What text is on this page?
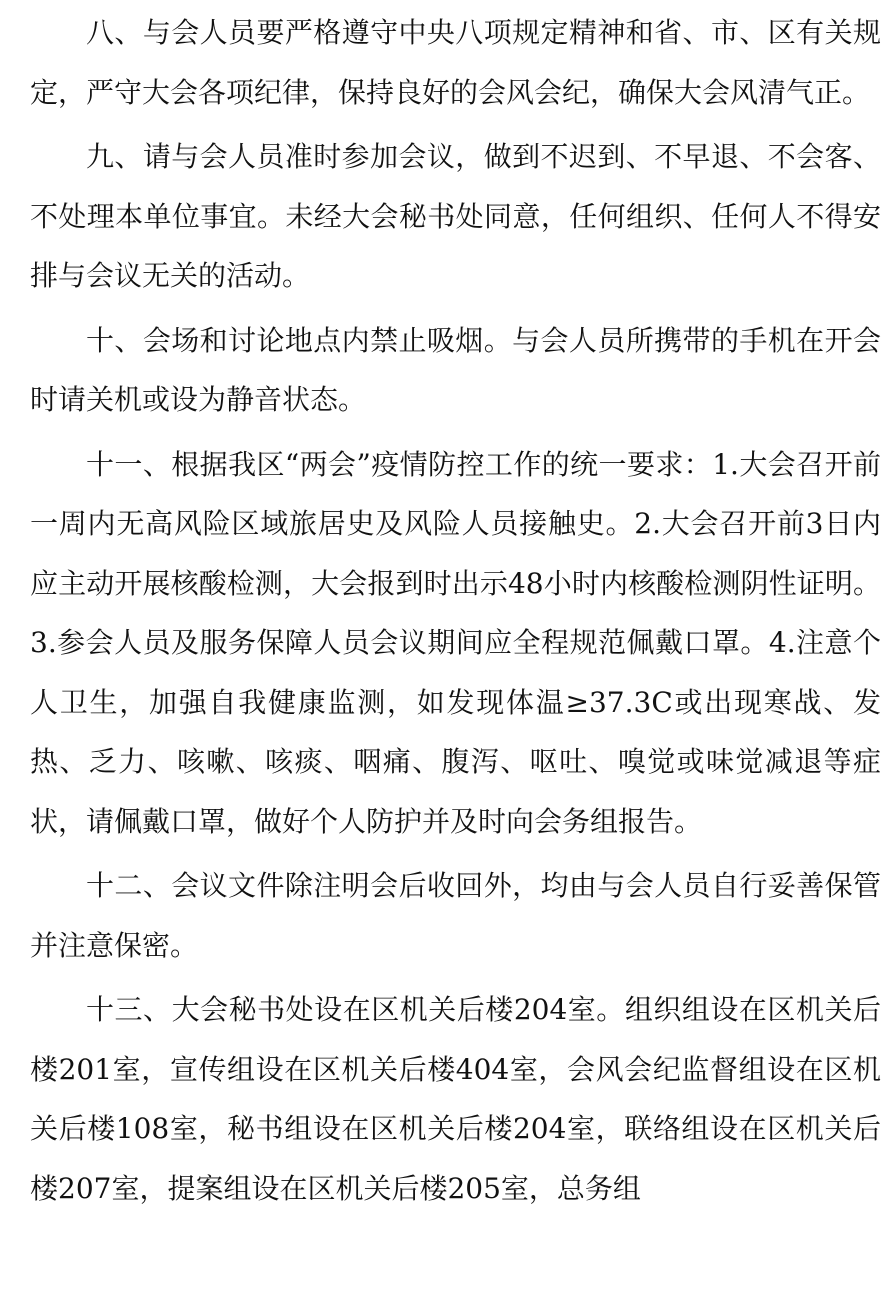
八、与会人员要严格遵守中央八项规定精神和省、市、区有关规定，严守大会各项纪律，保持良好的会风会纪，确保大会风清气正。

九、请与会人员准时参加会议，做到不迟到、不早退、不会客、不处理本单位事宜。未经大会秘书处同意，任何组织、任何人不得安排与会议无关的活动。

十、会场和讨论地点内禁止吸烟。与会人员所携带的手机在开会时请关机或设为静音状态。

十一、根据我区“两会”疫情防控工作的统一要求：1.大会召开前一周内无高风险区域旅居史及风险人员接触史。2.大会召开前3日内应主动开展核酸检测，大会报到时出示48小时内核酸检测阴性证明。3.参会人员及服务保障人员会议期间应全程规范佩戴口罩。4.注意个人卫生，加强自我健康监测，如发现体温≥37.3C或出现寒战、发热、乏力、咳嗽、咳痰、咽痛、腹泻、呕吐、嗅觉或味觉减退等症状，请佩戴口罩，做好个人防护并及时向会务组报告。

十二、会议文件除注明会后收回外，均由与会人员自行妥善保管并注意保密。

十三、大会秘书处设在区机关后楼204室。组织组设在区机关后楼201室，宣传组设在区机关后楼404室，会风会纪监督组设在区机关后楼108室，秘书组设在区机关后楼204室，联络组设在区机关后楼207室，提案组设在区机关后楼205室，总务组
